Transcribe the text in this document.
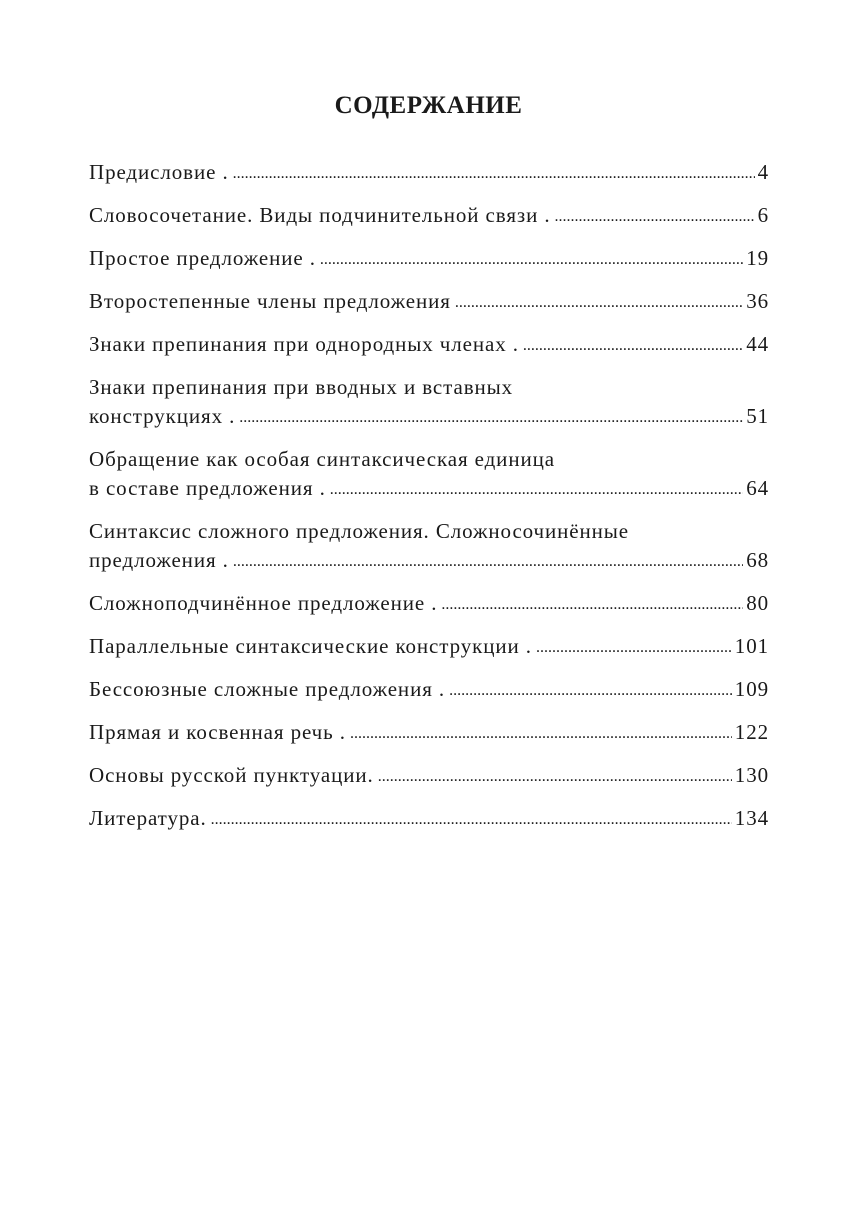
СОДЕРЖАНИЕ
Предисловие . .....	4
Словосочетание. Виды подчинительной связи . .....	6
Простое предложение . .....	19
Второстепенные члены предложения .....	36
Знаки препинания при однородных членах . .....	44
Знаки препинания при вводных и вставных
конструкциях . .....	51
Обращение как особая синтаксическая единица
в составе предложения . .....	64
Синтаксис сложного предложения. Сложносочинённые
предложения . .....	68
Сложноподчинённое предложение . .....	80
Параллельные синтаксические конструкции . .....	101
Бессоюзные сложные предложения . .....	109
Прямая и косвенная речь . .....	122
Основы русской пунктуации. .....	130
Литература. .....	134
